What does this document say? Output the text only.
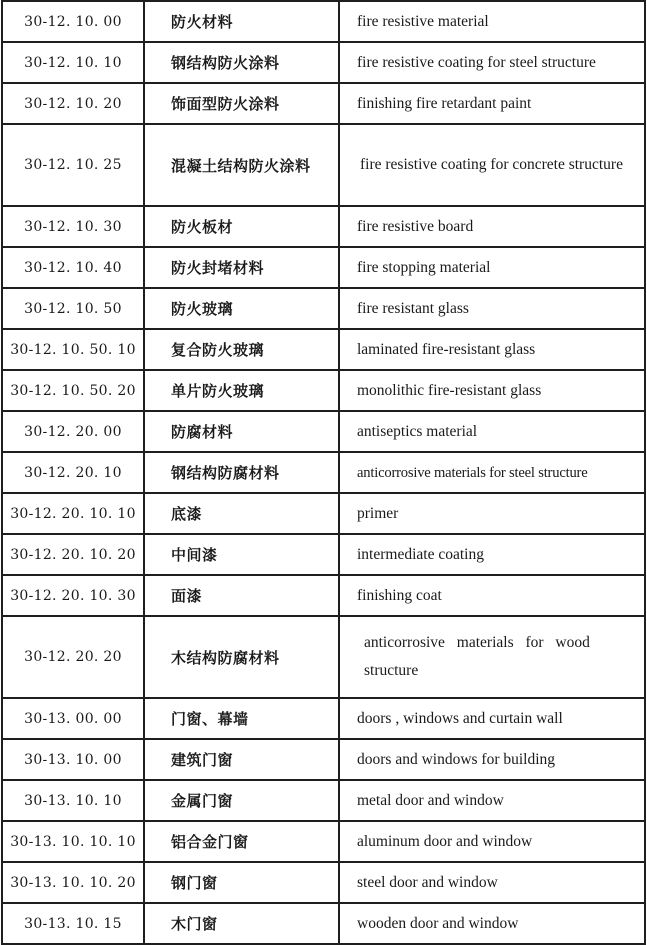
30-12. 10. 00	防火材料	fire resistive material
30-12. 10. 10	钢结构防火涂料	fire resistive coating for steel structure
30-12. 10. 20	饰面型防火涂料	finishing fire retardant paint
30-12. 10. 25	混凝土结构防火涂料	fire resistive coating for concrete structure
30-12. 10. 30	防火板材	fire resistive board
30-12. 10. 40	防火封堵材料	fire stopping material
30-12. 10. 50	防火玻璃	fire resistant glass
30-12. 10. 50. 10	复合防火玻璃	laminated fire-resistant glass
30-12. 10. 50. 20	单片防火玻璃	monolithic fire-resistant glass
30-12. 20. 00	防腐材料	antiseptics material
30-12. 20. 10	钢结构防腐材料	anticorrosive materials for steel structure
30-12. 20. 10. 10	底漆	primer
30-12. 20. 10. 20	中间漆	intermediate coating
30-12. 20. 10. 30	面漆	finishing coat
30-12. 20. 20	木结构防腐材料	anticorrosive materials for wood structure
30-13. 00. 00	门窗、幕墙	doors , windows and curtain wall
30-13. 10. 00	建筑门窗	doors and windows for building
30-13. 10. 10	金属门窗	metal door and window
30-13. 10. 10. 10	铝合金门窗	aluminum door and window
30-13. 10. 10. 20	钢门窗	steel door and window
30-13. 10. 15	木门窗	wooden door and window
